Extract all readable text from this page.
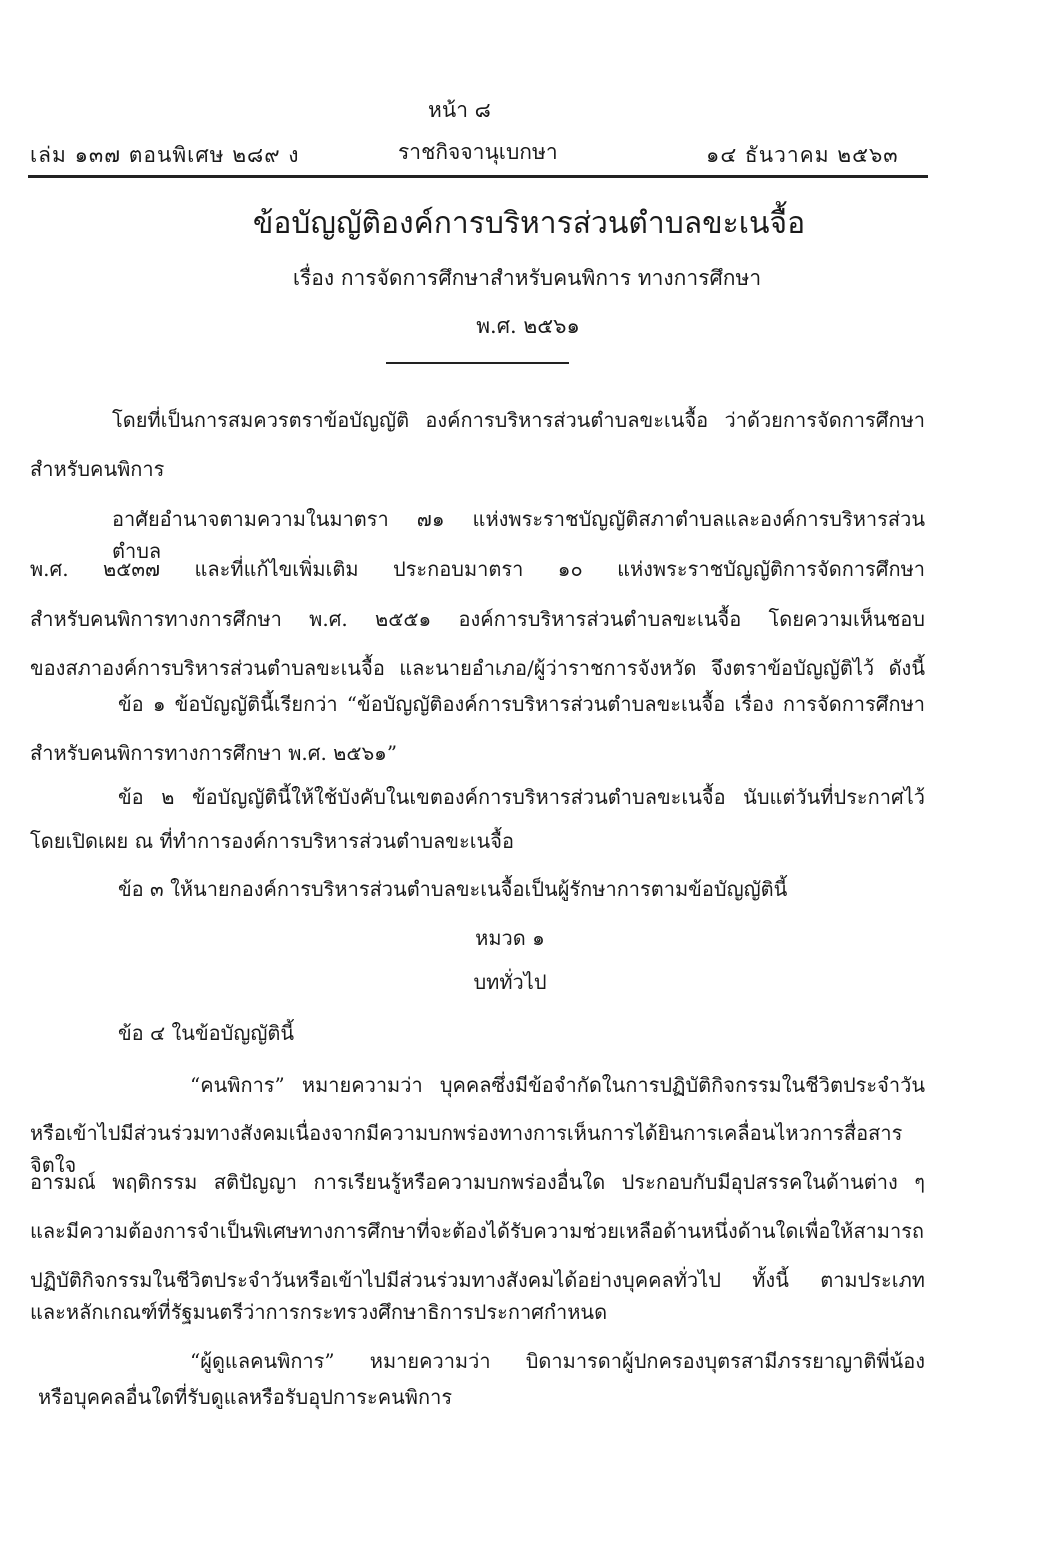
หน้า ๘
เล่ม ๑๓๗ ตอนพิเศษ ๒๘๙ ง	ราชกิจจานุเบกษา	๑๔ ธันวาคม ๒๕๖๓
ข้อบัญญัติองค์การบริหารส่วนตำบลขะเนจื้อ
เรื่อง การจัดการศึกษาสำหรับคนพิการ ทางการศึกษา
พ.ศ. ๒๕๖๑
โดยที่เป็นการสมควรตราข้อบัญญัติ องค์การบริหารส่วนตำบลขะเนจื้อ ว่าด้วยการจัดการศึกษา
สำหรับคนพิการ
อาศัยอำนาจตามความในมาตรา ๗๑ แห่งพระราชบัญญัติสภาตำบลและองค์การบริหารส่วนตำบล
พ.ศ. ๒๕๓๗ และที่แก้ไขเพิ่มเติม ประกอบมาตรา ๑๐ แห่งพระราชบัญญัติการจัดการศึกษา
สำหรับคนพิการทางการศึกษา พ.ศ. ๒๕๕๑ องค์การบริหารส่วนตำบลขะเนจื้อ โดยความเห็นชอบ
ของสภาองค์การบริหารส่วนตำบลขะเนจื้อ และนายอำเภอ/ผู้ว่าราชการจังหวัด จึงตราข้อบัญญัติไว้ ดังนี้
ข้อ ๑ ข้อบัญญัตินี้เรียกว่า “ข้อบัญญัติองค์การบริหารส่วนตำบลขะเนจื้อ เรื่อง การจัดการศึกษา
สำหรับคนพิการทางการศึกษา พ.ศ. ๒๕๖๑”
ข้อ ๒ ข้อบัญญัตินี้ให้ใช้บังคับในเขตองค์การบริหารส่วนตำบลขะเนจื้อ นับแต่วันที่ประกาศไว้
โดยเปิดเผย ณ ที่ทำการองค์การบริหารส่วนตำบลขะเนจื้อ
ข้อ ๓ ให้นายกองค์การบริหารส่วนตำบลขะเนจื้อเป็นผู้รักษาการตามข้อบัญญัตินี้
หมวด ๑
บททั่วไป
ข้อ ๔ ในข้อบัญญัตินี้
“คนพิการ” หมายความว่า บุคคลซึ่งมีข้อจำกัดในการปฏิบัติกิจกรรมในชีวิตประจำวัน
หรือเข้าไปมีส่วนร่วมทางสังคมเนื่องจากมีความบกพร่องทางการเห็นการได้ยินการเคลื่อนไหวการสื่อสารจิตใจ
อารมณ์ พฤติกรรม สติปัญญา การเรียนรู้หรือความบกพร่องอื่นใด ประกอบกับมีอุปสรรคในด้านต่าง ๆ
และมีความต้องการจำเป็นพิเศษทางการศึกษาที่จะต้องได้รับความช่วยเหลือด้านหนึ่งด้านใดเพื่อให้สามารถ
ปฏิบัติกิจกรรมในชีวิตประจำวันหรือเข้าไปมีส่วนร่วมทางสังคมได้อย่างบุคคลทั่วไป ทั้งนี้ ตามประเภท
และหลักเกณฑ์ที่รัฐมนตรีว่าการกระทรวงศึกษาธิการประกาศกำหนด
“ผู้ดูแลคนพิการ” หมายความว่า บิดามารดาผู้ปกครองบุตรสามีภรรยาญาติพี่น้อง
หรือบุคคลอื่นใดที่รับดูแลหรือรับอุปการะคนพิการ
